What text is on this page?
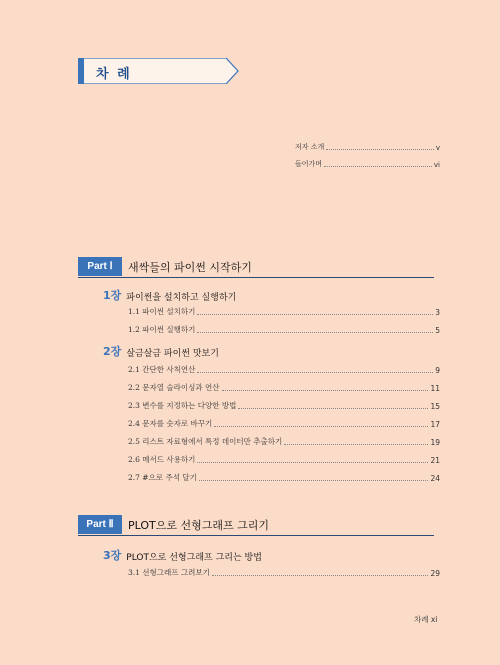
차 례
저자 소개	v
들어가며	vi
Part Ⅰ	새싹들의 파이썬 시작하기
1장 파이썬을 설치하고 실행하기
1.1 파이썬 설치하기	3
1.2 파이썬 실행하기	5
2장 살금살금 파이썬 맛보기
2.1 간단한 사칙연산	9
2.2 문자열 슬라이싱과 연산	11
2.3 변수를 지정하는 다양한 방법	15
2.4 문자를 숫자로 바꾸기	17
2.5 리스트 자료형에서 특정 데이터만 추출하기	19
2.6 메서드 사용하기	21
2.7 #으로 주석 달기	24
Part Ⅱ	PLOT으로 선형그래프 그리기
3장 PLOT으로 선형그래프 그리는 방법
3.1 선형그래프 그려보기	29
차례 xi
